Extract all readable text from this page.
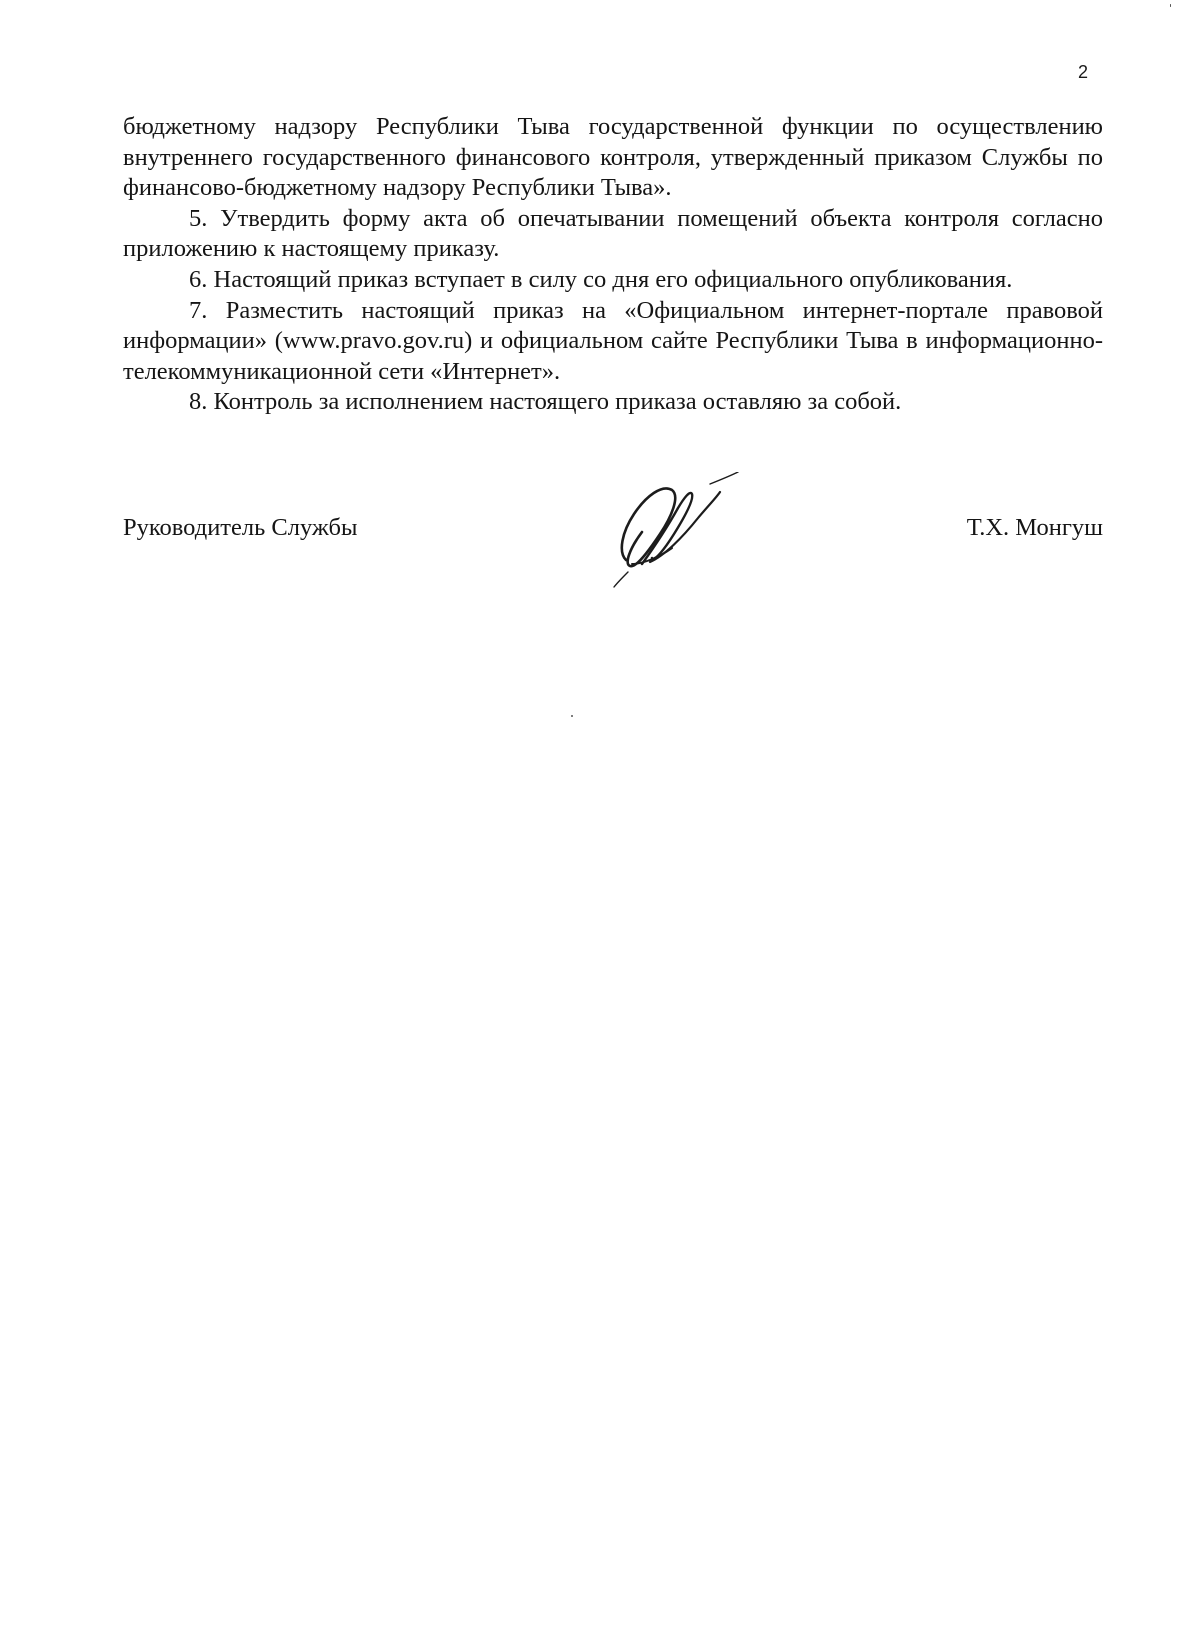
2

бюджетному надзору Республики Тыва государственной функции по осуществлению внутреннего государственного финансового контроля, утвержденный приказом Службы по финансово-бюджетному надзору Республики Тыва».

5. Утвердить форму акта об опечатывании помещений объекта контроля согласно приложению к настоящему приказу.

6. Настоящий приказ вступает в силу со дня его официального опубликования.

7. Разместить настоящий приказ на «Официальном интернет-портале правовой информации» (www.pravo.gov.ru) и официальном сайте Республики Тыва в информационно-телекоммуникационной сети «Интернет».

8. Контроль за исполнением настоящего приказа оставляю за собой.

Руководитель Службы	Т.Х. Монгуш
